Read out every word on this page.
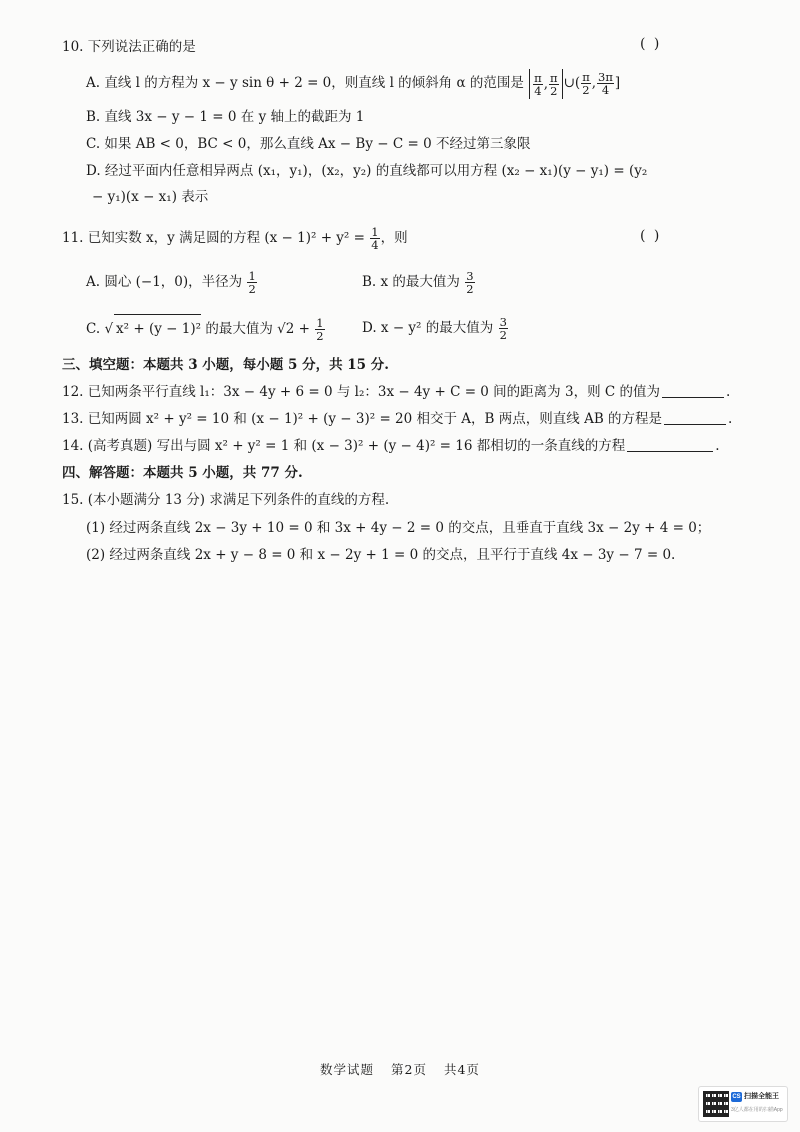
10. 下列说法正确的是	( )
A. 直线 l 的方程为 x − y sin θ + 2 = 0，则直线 l 的倾斜角 α 的范围是 $\frac{\pi}{4}$ , $\frac{\pi}{2}$ ∪( $\frac{\pi}{2}$ , $\frac{3\pi}{4}$ ]
B. 直线 3x − y − 1 = 0 在 y 轴上的截距为 1
C. 如果 AB < 0，BC < 0，那么直线 Ax − By − C = 0 不经过第三象限
D. 经过平面内任意相异两点 (x₁，y₁)，(x₂，y₂) 的直线都可以用方程 (x₂ − x₁)(y − y₁) = (y₂
− y₁)(x − x₁) 表示
11. 已知实数 x，y 满足圆的方程 $(x - 1)^2 + y^2 = \frac{1}{4}$ ，则	( )
A. 圆心 (−1，0)，半径为 $\frac{1}{2}$	B. x 的最大值为 $\frac{3}{2}$
C. √ x² + (y − 1)² 的最大值为 $√2 + \frac{1}{2}$	D. x − y² 的最大值为 $\frac{3}{2}$
三、填空题：本题共 3 小题，每小题 5 分，共 15 分.
12. 已知两条平行直线 l₁：3x − 4y + 6 = 0 与 l₂：3x − 4y + C = 0 间的距离为 3，则 C 的值为	.
13. 已知两圆 x² + y² = 10 和 (x − 1)² + (y − 3)² = 20 相交于 A，B 两点，则直线 AB 的方程是	.
14. (高考真题) 写出与圆 x² + y² = 1 和 (x − 3)² + (y − 4)² = 16 都相切的一条直线的方程	.
四、解答题：本题共 5 小题，共 77 分.
15. (本小题满分 13 分) 求满足下列条件的直线的方程.
(1) 经过两条直线 2x − 3y + 10 = 0 和 3x + 4y − 2 = 0 的交点，且垂直于直线 3x − 2y + 4 = 0；
(2) 经过两条直线 2x + y − 8 = 0 和 x − 2y + 1 = 0 的交点，且平行于直线 4x − 3y − 7 = 0.
数学试题 第2页 共4页
CS 扫描全能王
3亿人都在用的扫描App
